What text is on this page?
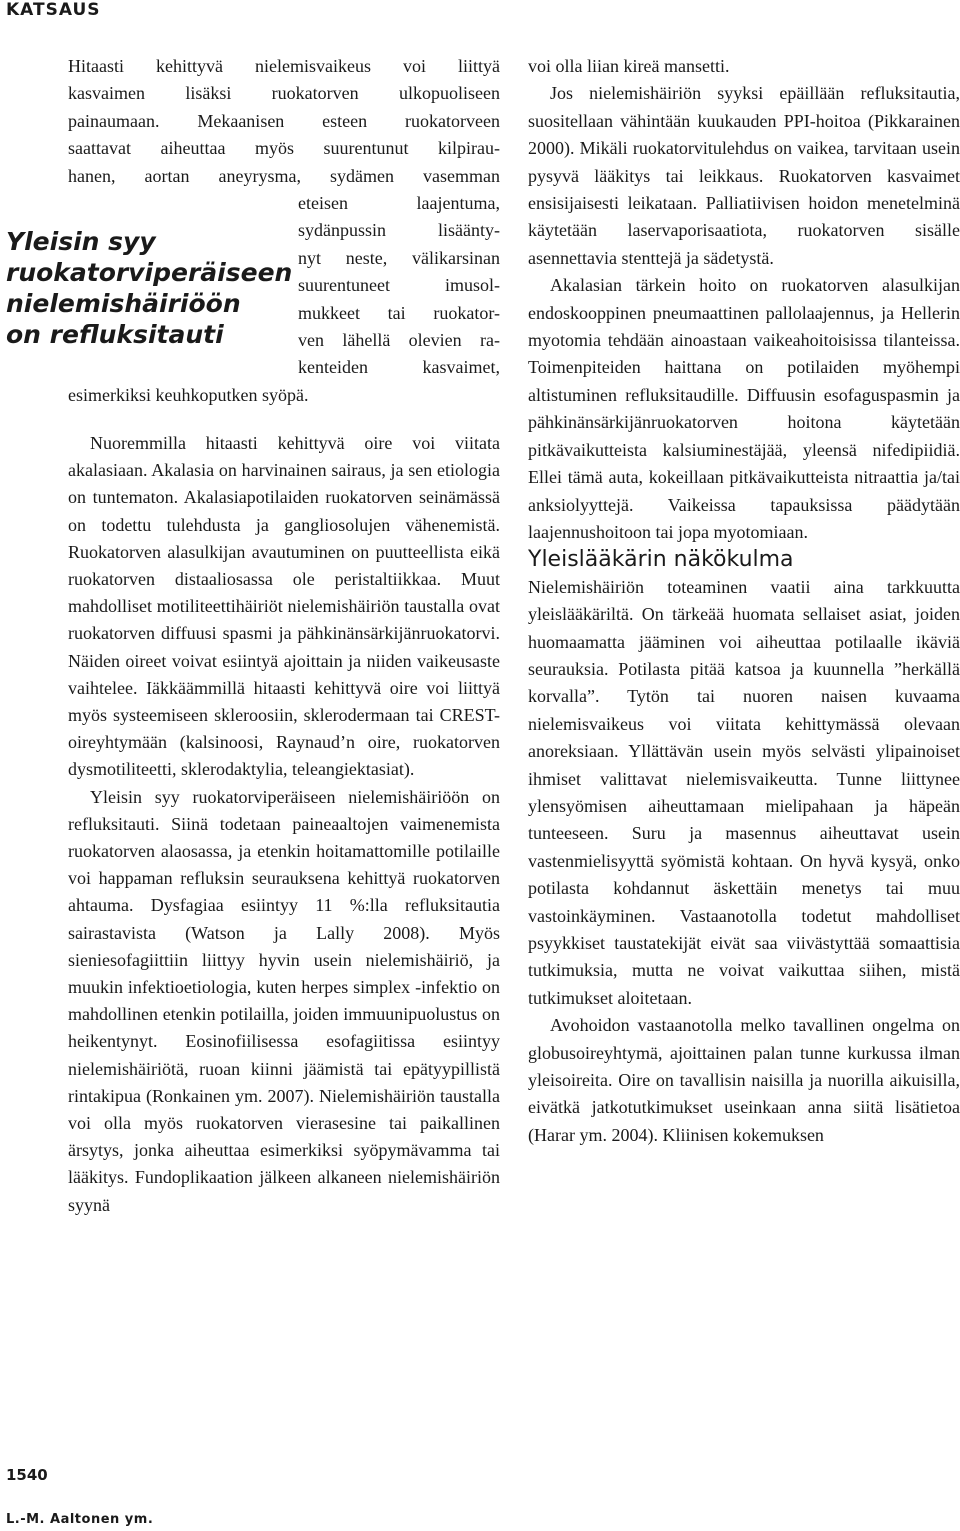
KATSAUS
Yleisin syy ruokatorviperäiseen nielemishäiriöön on refluksitauti
Hitaasti kehittyvä nielemisvaikeus voi liittyä
kasvaimen lisäksi ruokatorven ulkopuoliseen
painaumaan. Mekaanisen esteen ruokatorveen
saattavat aiheuttaa myös suurentunut kilpirau-
hanen, aortan aneyrysma, sydämen vasemman
eteisen laajentuma,
sydänpussin lisäänty-
nyt neste, välikarsinan
suurentuneet imusol-
mukkeet tai ruokator-
ven lähellä olevien ra-
kenteiden kasvaimet,
esimerkiksi keuhkoputken syöpä.

Nuoremmilla hitaasti kehittyvä oire voi viitata akalasiaan. Akalasia on harvinainen sairaus, ja sen etiologia on tuntematon. Akalasiapotilaiden ruokatorven seinämässä on todettu tulehdusta ja gangliosolujen vähenemistä. Ruokatorven alasulkijan avautuminen on puutteellista eikä ruokatorven distaaliosassa ole peristaltiikkaa. Muut mahdolliset motiliteettihäiriöt nielemishäiriön taustalla ovat ruokatorven diffuusi spasmi ja pähkinänsärkijänruokatorvi. Näiden oireet voivat esiintyä ajoittain ja niiden vaikeusaste vaihtelee. Iäkkäämmillä hitaasti kehittyvä oire voi liittyä myös systeemiseen skleroosiin, sklerodermaan tai CREST-oireyhtymään (kalsinoosi, Raynaud’n oire, ruokatorven dysmotiliteetti, sklerodaktylia, teleangiektasiat).

Yleisin syy ruokatorviperäiseen nielemishäiriöön on refluksitauti. Siinä todetaan paineaaltojen vaimenemista ruokatorven alaosassa, ja etenkin hoitamattomille potilaille voi happaman refluksin seurauksena kehittyä ruokatorven ahtauma. Dysfagiaa esiintyy 11 %:lla refluksitautia sairastavista (Watson ja Lally 2008). Myös sieniesofagiittiin liittyy hyvin usein nielemishäiriö, ja muukin infektioetiologia, kuten herpes simplex -infektio on mahdollinen etenkin potilailla, joiden immuunipuolustus on heikentynyt. Eosinofiilisessa esofagiitissa esiintyy nielemishäiriötä, ruoan kiinni jäämistä tai epätyypillistä rintakipua (Ronkainen ym. 2007). Nielemishäiriön taustalla voi olla myös ruokatorven vierasesine tai paikallinen ärsytys, jonka aiheuttaa esimerkiksi syöpymävamma tai lääkitys. Fundoplikaation jälkeen alkaneen nielemishäiriön syynä

voi olla liian kireä mansetti.

Jos nielemishäiriön syyksi epäillään refluksitautia, suositellaan vähintään kuukauden PPI-hoitoa (Pikkarainen 2000). Mikäli ruokatorvitulehdus on vaikea, tarvitaan usein pysyvä lääkitys tai leikkaus. Ruokatorven kasvaimet ensisijaisesti leikataan. Palliatiivisen hoidon menetelminä käytetään laservaporisaatiota, ruokatorven sisälle asennettavia stenttejä ja sädetystä.

Akalasian tärkein hoito on ruokatorven alasulkijan endoskooppinen pneumaattinen pallolaajennus, ja Hellerin myotomia tehdään ainoastaan vaikeahoitoisissa tilanteissa. Toimenpiteiden haittana on potilaiden myöhempi altistuminen refluksitaudille. Diffuusin esofaguspasmin ja pähkinänsärkijänruokatorven hoitona käytetään pitkävaikutteista kalsiuminestäjää, yleensä nifedipiidiä. Ellei tämä auta, kokeillaan pitkävaikutteista nitraattia ja/tai anksiolyyttejä. Vaikeissa tapauksissa päädytään laajennushoitoon tai jopa myotomiaan.

Yleislääkärin näkökulma

Nielemishäiriön toteaminen vaatii aina tarkkuutta yleislääkäriltä. On tärkeää huomata sellaiset asiat, joiden huomaamatta jääminen voi aiheuttaa potilaalle ikäviä seurauksia. Potilasta pitää katsoa ja kuunnella ”herkällä korvalla”. Tytön tai nuoren naisen kuvaama nielemisvaikeus voi viitata kehittymässä olevaan anoreksiaan. Yllättävän usein myös selvästi ylipainoiset ihmiset valittavat nielemisvaikeutta. Tunne liittynee ylensyömisen aiheuttamaan mielipahaan ja häpeän tunteeseen. Suru ja masennus aiheuttavat usein vastenmielisyyttä syömistä kohtaan. On hyvä kysyä, onko potilasta kohdannut äskettäin menetys tai muu vastoinkäyminen. Vastaanotolla todetut mahdolliset psyykkiset taustatekijät eivät saa viivästyttää somaattisia tutkimuksia, mutta ne voivat vaikuttaa siihen, mistä tutkimukset aloitetaan.

Avohoidon vastaanotolla melko tavallinen ongelma on globusoireyhtymä, ajoittainen palan tunne kurkussa ilman yleisoireita. Oire on tavallisin naisilla ja nuorilla aikuisilla, eivätkä jatkotutkimukset useinkaan anna siitä lisätietoa (Harar ym. 2004). Kliinisen kokemuksen

1540
L.-M. Aaltonen ym.
